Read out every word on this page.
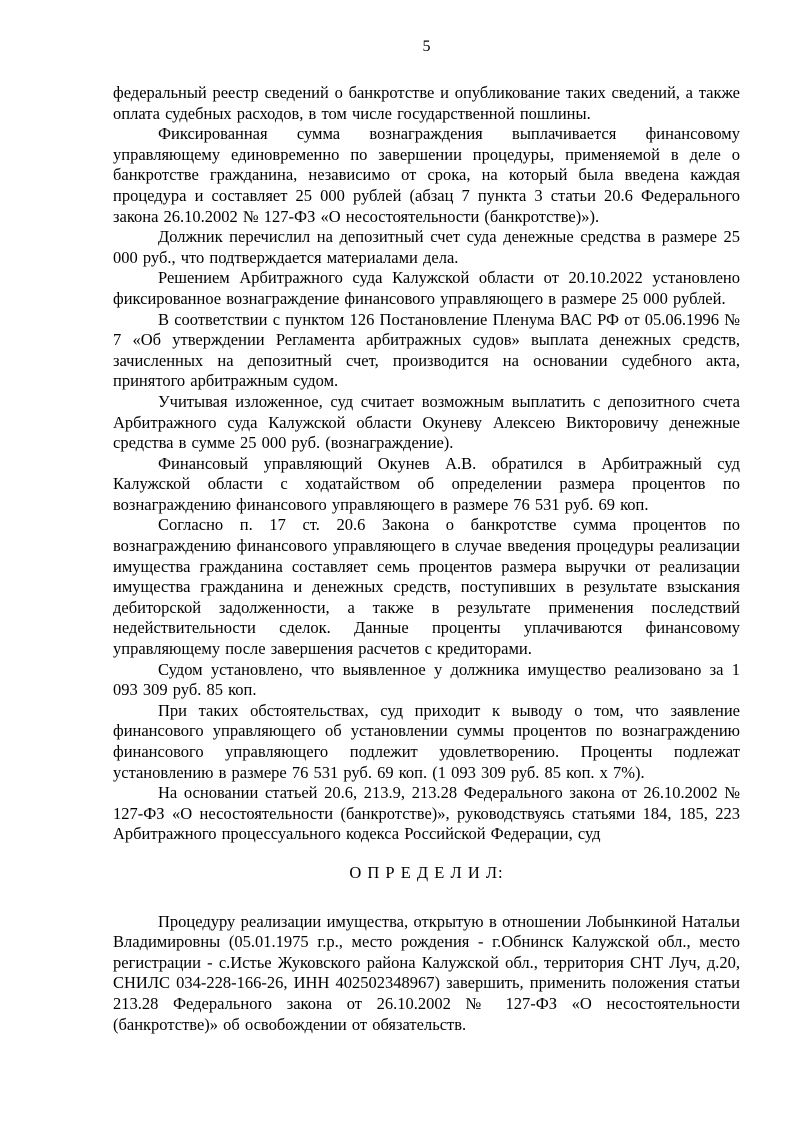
5

федеральный реестр сведений о банкротстве и опубликование таких сведений, а также оплата судебных расходов, в том числе государственной пошлины.

Фиксированная сумма вознаграждения выплачивается финансовому управляющему единовременно по завершении процедуры, применяемой в деле о банкротстве гражданина, независимо от срока, на который была введена каждая процедура и составляет 25 000 рублей (абзац 7 пункта 3 статьи 20.6 Федерального закона 26.10.2002 № 127-ФЗ «О несостоятельности (банкротстве)»).

Должник перечислил на депозитный счет суда денежные средства в размере 25 000 руб., что подтверждается материалами дела.

Решением Арбитражного суда Калужской области от 20.10.2022 установлено фиксированное вознаграждение финансового управляющего в размере 25 000 рублей.

В соответствии с пунктом 126 Постановление Пленума ВАС РФ от 05.06.1996 № 7 «Об утверждении Регламента арбитражных судов» выплата денежных средств, зачисленных на депозитный счет, производится на основании судебного акта, принятого арбитражным судом.

Учитывая изложенное, суд считает возможным выплатить с депозитного счета Арбитражного суда Калужской области Окуневу Алексею Викторовичу денежные средства в сумме 25 000 руб. (вознаграждение).

Финансовый управляющий Окунев А.В. обратился в Арбитражный суд Калужской области с ходатайством об определении размера процентов по вознаграждению финансового управляющего в размере 76 531 руб. 69 коп.

Согласно п. 17 ст. 20.6 Закона о банкротстве сумма процентов по вознаграждению финансового управляющего в случае введения процедуры реализации имущества гражданина составляет семь процентов размера выручки от реализации имущества гражданина и денежных средств, поступивших в результате взыскания дебиторской задолженности, а также в результате применения последствий недействительности сделок. Данные проценты уплачиваются финансовому управляющему после завершения расчетов с кредиторами.

Судом установлено, что выявленное у должника имущество реализовано за 1 093 309 руб. 85 коп.

При таких обстоятельствах, суд приходит к выводу о том, что заявление финансового управляющего об установлении суммы процентов по вознаграждению финансового управляющего подлежит удовлетворению. Проценты подлежат установлению в размере 76 531 руб. 69 коп. (1 093 309 руб. 85 коп. x 7%).

На основании статьей 20.6, 213.9, 213.28 Федерального закона от 26.10.2002 № 127-ФЗ «О несостоятельности (банкротстве)», руководствуясь статьями 184, 185, 223 Арбитражного процессуального кодекса Российской Федерации, суд

О П Р Е Д Е Л И Л:

Процедуру реализации имущества, открытую в отношении Лобынкиной Натальи Владимировны (05.01.1975 г.р., место рождения - г.Обнинск Калужской обл., место регистрации - с.Истье Жуковского района Калужской обл., территория СНТ Луч, д.20, СНИЛС 034-228-166-26, ИНН 402502348967) завершить, применить положения статьи 213.28 Федерального закона от 26.10.2002 № 127-ФЗ «О несостоятельности (банкротстве)» об освобождении от обязательств.
